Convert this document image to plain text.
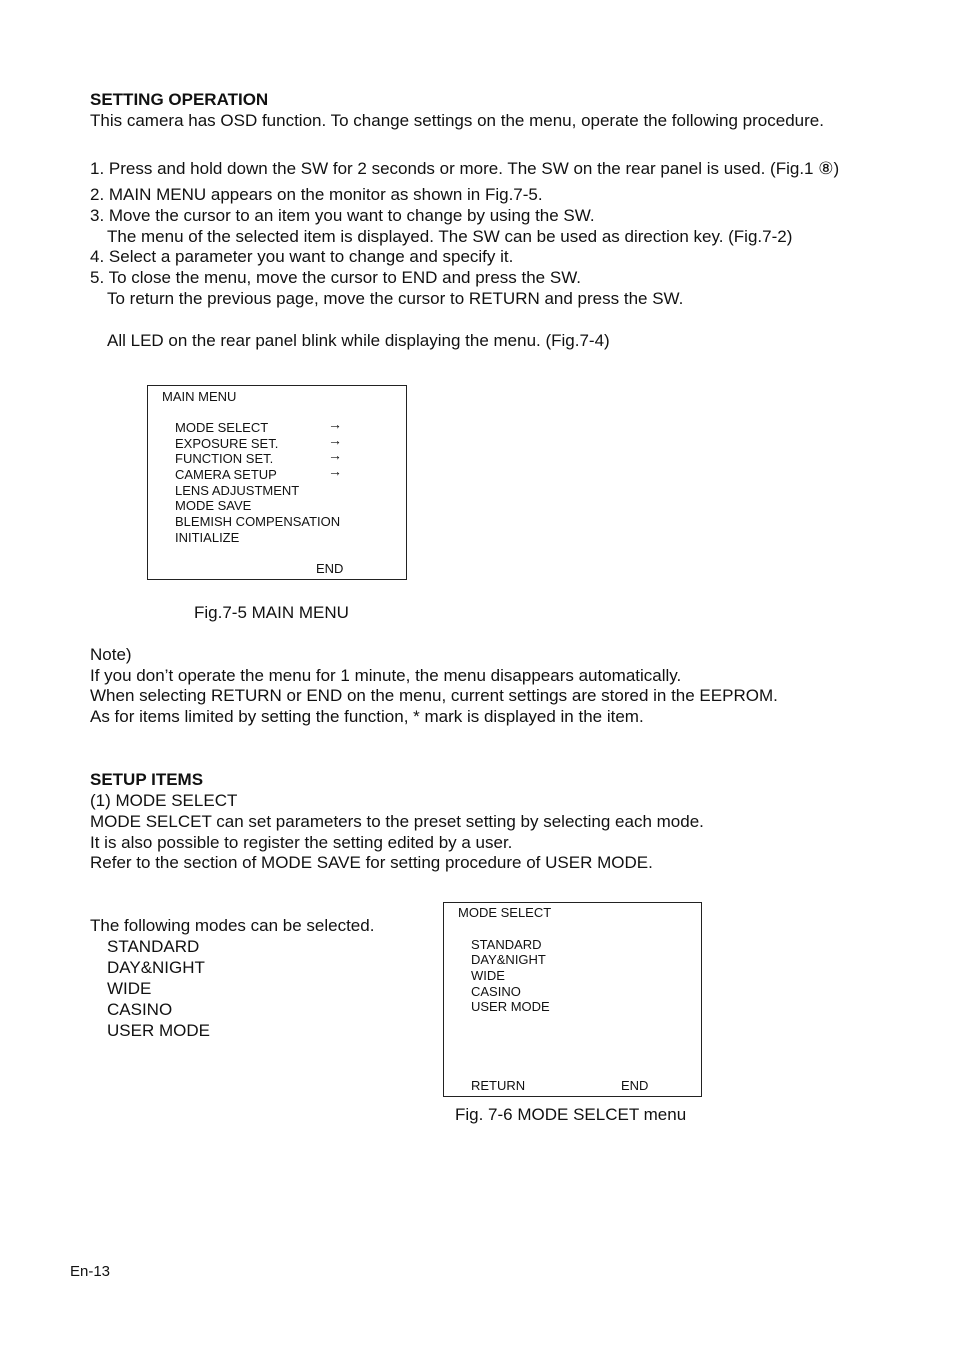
SETTING OPERATION
This camera has OSD function. To change settings on the menu, operate the following procedure.
1. Press and hold down the SW for 2 seconds or more. The SW on the rear panel is used. (Fig.1 ⑧)
2. MAIN MENU appears on the monitor as shown in Fig.7-5.
3. Move the cursor to an item you want to change by using the SW.
The menu of the selected item is displayed. The SW can be used as direction key. (Fig.7-2)
4. Select a parameter you want to change and specify it.
5. To close the menu, move the cursor to END and press the SW.
To return the previous page, move the cursor to RETURN and press the SW.
All LED on the rear panel blink while displaying the menu. (Fig.7-4)
MAIN MENU
MODE SELECT
EXPOSURE SET.
FUNCTION SET.
CAMERA SETUP
LENS ADJUSTMENT
MODE SAVE
BLEMISH COMPENSATION
INITIALIZE
→
→
→
→
END
Fig.7-5 MAIN MENU
Note)
If you don’t operate the menu for 1 minute, the menu disappears automatically.
When selecting RETURN or END on the menu, current settings are stored in the EEPROM.
As for items limited by setting the function, * mark is displayed in the item.
SETUP ITEMS
(1) MODE SELECT
MODE SELCET can set parameters to the preset setting by selecting each mode.
It is also possible to register the setting edited by a user.
Refer to the section of MODE SAVE for setting procedure of USER MODE.
The following modes can be selected.
STANDARD
DAY&NIGHT
WIDE
CASINO
USER MODE
MODE SELECT
STANDARD
DAY&NIGHT
WIDE
CASINO
USER MODE
RETURN	END
Fig. 7-6 MODE SELCET menu
En-13
